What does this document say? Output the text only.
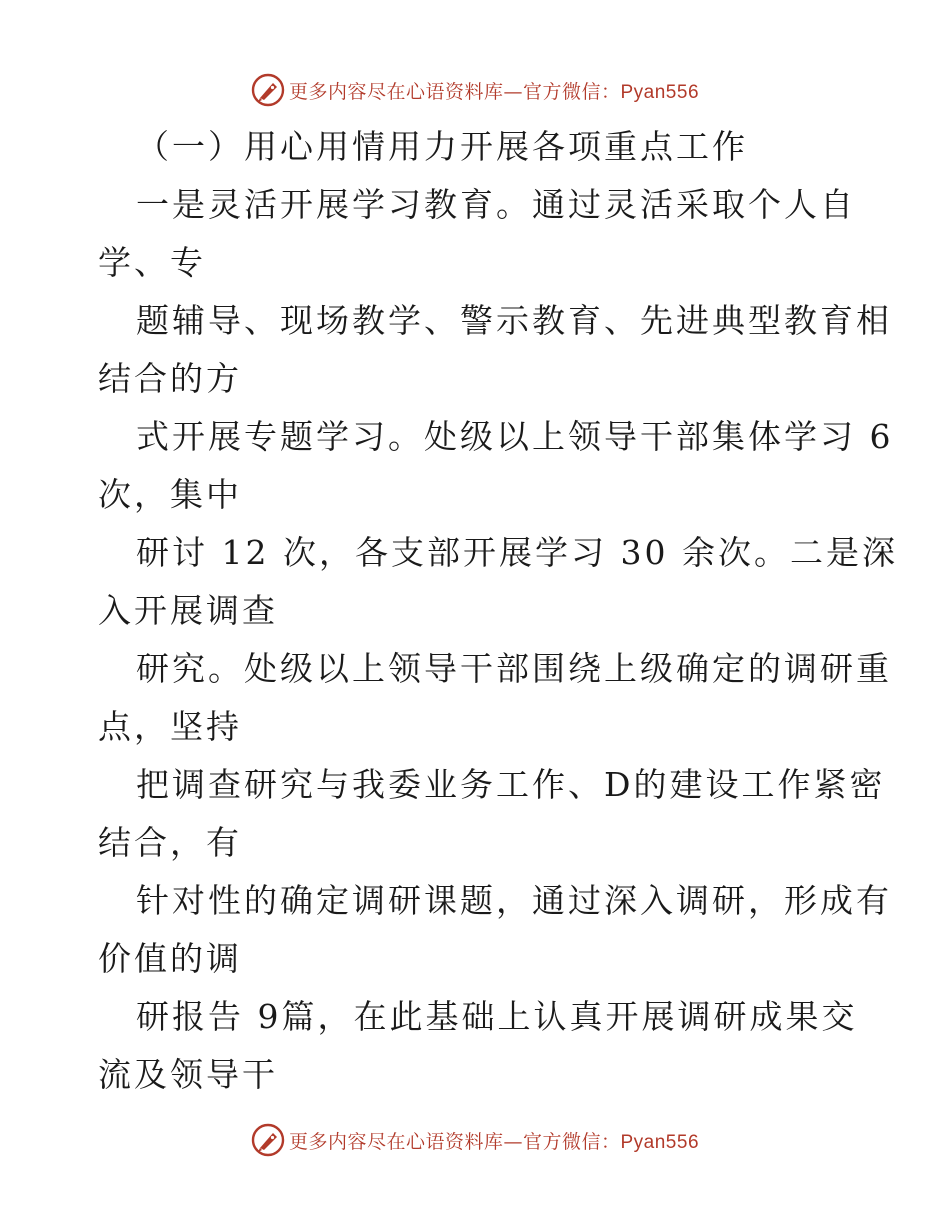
更多内容尽在心语资料库—官方微信：Pyan556
（一）用心用情用力开展各项重点工作
一是灵活开展学习教育。通过灵活采取个人自
学、专
题辅导、现场教学、警示教育、先进典型教育相
结合的方
式开展专题学习。处级以上领导干部集体学习 6
次，集中
研讨 12 次，各支部开展学习 30 余次。二是深
入开展调查
研究。处级以上领导干部围绕上级确定的调研重
点，坚持
把调查研究与我委业务工作、D的建设工作紧密
结合，有
针对性的确定调研课题，通过深入调研，形成有
价值的调
研报告 9篇，在此基础上认真开展调研成果交
流及领导干
更多内容尽在心语资料库—官方微信：Pyan556
